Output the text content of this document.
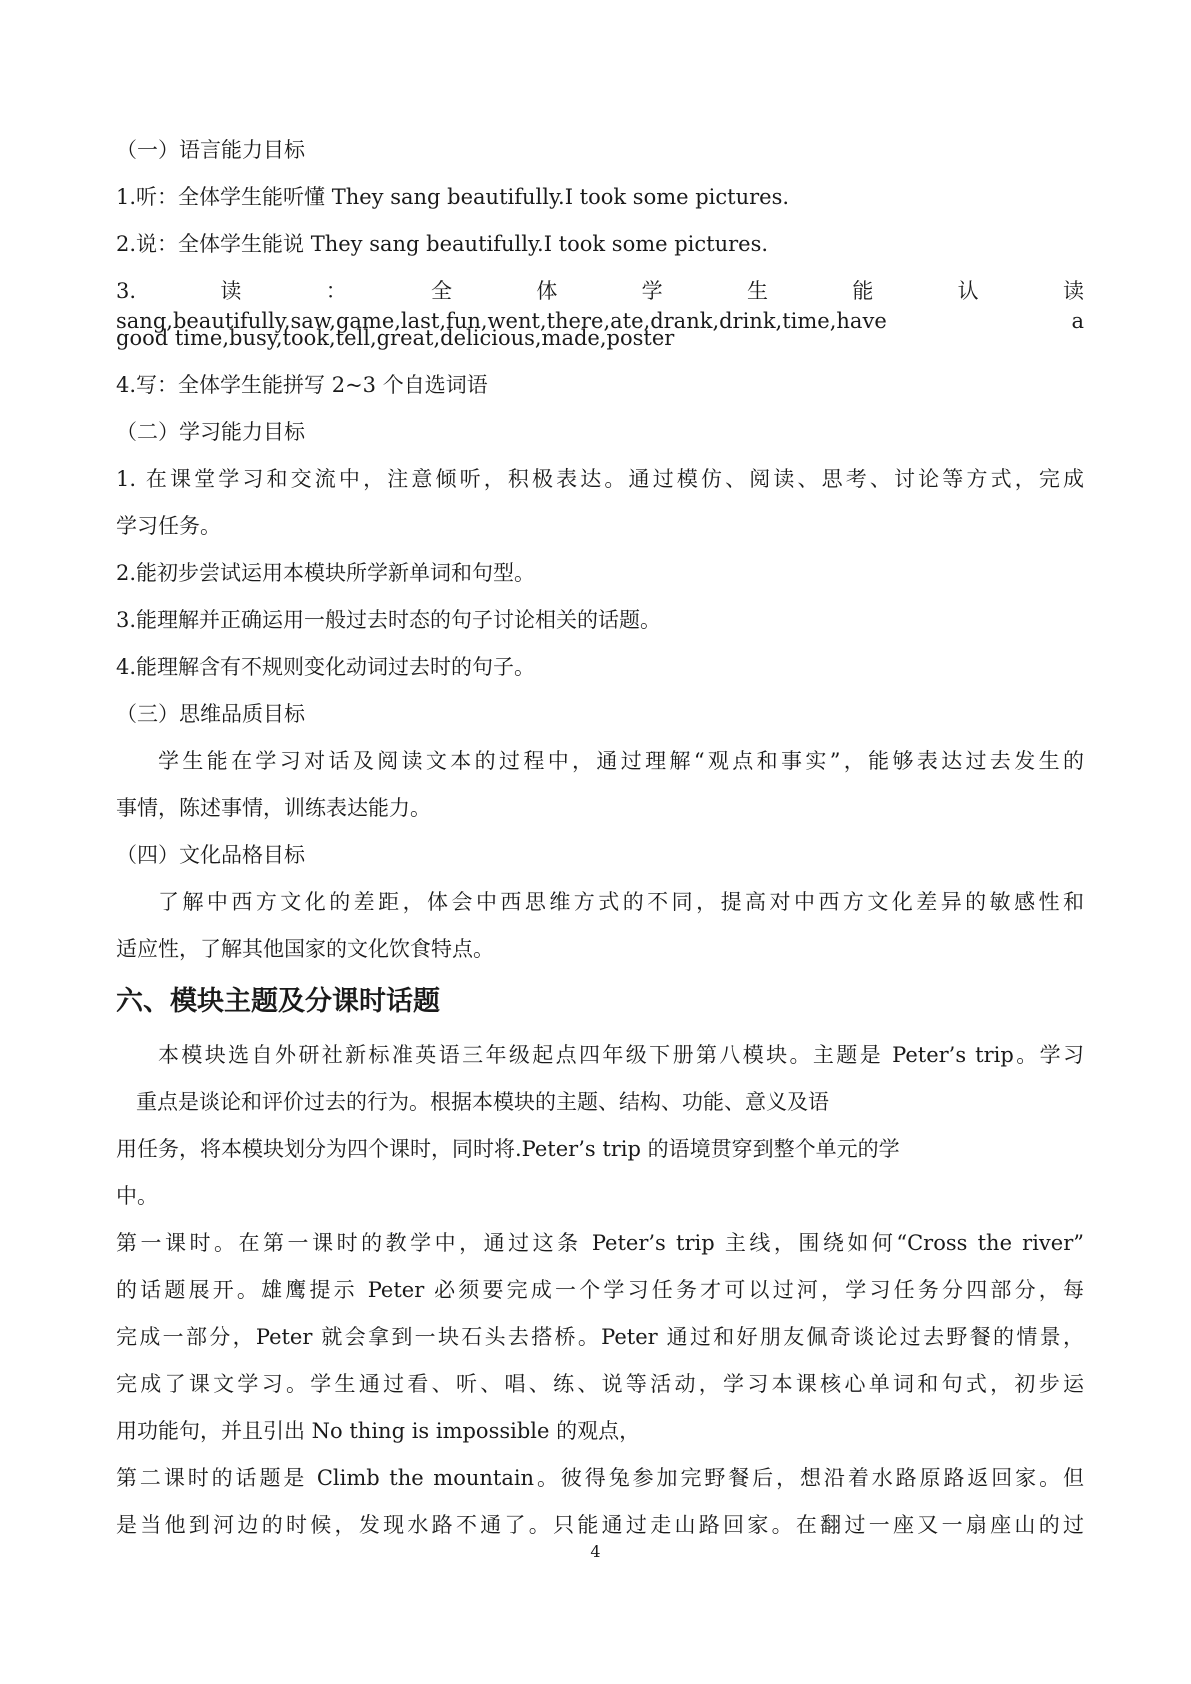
（一）语言能力目标
1.听：全体学生能听懂 They sang beautifully.I took some pictures.
2.说：全体学生能说 They sang beautifully.I took some pictures.
3.读：全体学生能认读 sang,beautifully,saw,game,last,fun,went,there,ate,drank,drink,time,have a
good time,busy,took,tell,great,delicious,made,poster
4.写：全体学生能拼写 2~3 个自选词语
（二）学习能力目标
1. 在课堂学习和交流中，注意倾听，积极表达。通过模仿、阅读、思考、讨论等方式，完成
学习任务。
2.能初步尝试运用本模块所学新单词和句型。
3.能理解并正确运用一般过去时态的句子讨论相关的话题。
4.能理解含有不规则变化动词过去时的句子。
（三）思维品质目标
学生能在学习对话及阅读文本的过程中，通过理解“观点和事实”，能够表达过去发生的
事情，陈述事情，训练表达能力。
（四）文化品格目标
了解中西方文化的差距，体会中西思维方式的不同，提高对中西方文化差异的敏感性和
适应性，了解其他国家的文化饮食特点。
六、模块主题及分课时话题
本模块选自外研社新标准英语三年级起点四年级下册第八模块。主题是 Peter’s trip。学习
重点是谈论和评价过去的行为。根据本模块的主题、结构、功能、意义及语
用任务，将本模块划分为四个课时，同时将.Peter’s trip 的语境贯穿到整个单元的学
中。
第一课时。在第一课时的教学中，通过这条 Peter’s trip 主线，围绕如何“Cross the river”
的话题展开。雄鹰提示 Peter 必须要完成一个学习任务才可以过河，学习任务分四部分，每
完成一部分，Peter 就会拿到一块石头去搭桥。Peter 通过和好朋友佩奇谈论过去野餐的情景，
完成了课文学习。学生通过看、听、唱、练、说等活动，学习本课核心单词和句式，初步运
用功能句，并且引出 No thing is impossible 的观点，
第二课时的话题是 Climb the mountain。彼得兔参加完野餐后，想沿着水路原路返回家。但
是当他到河边的时候，发现水路不通了。只能通过走山路回家。在翻过一座又一扇座山的过
4
